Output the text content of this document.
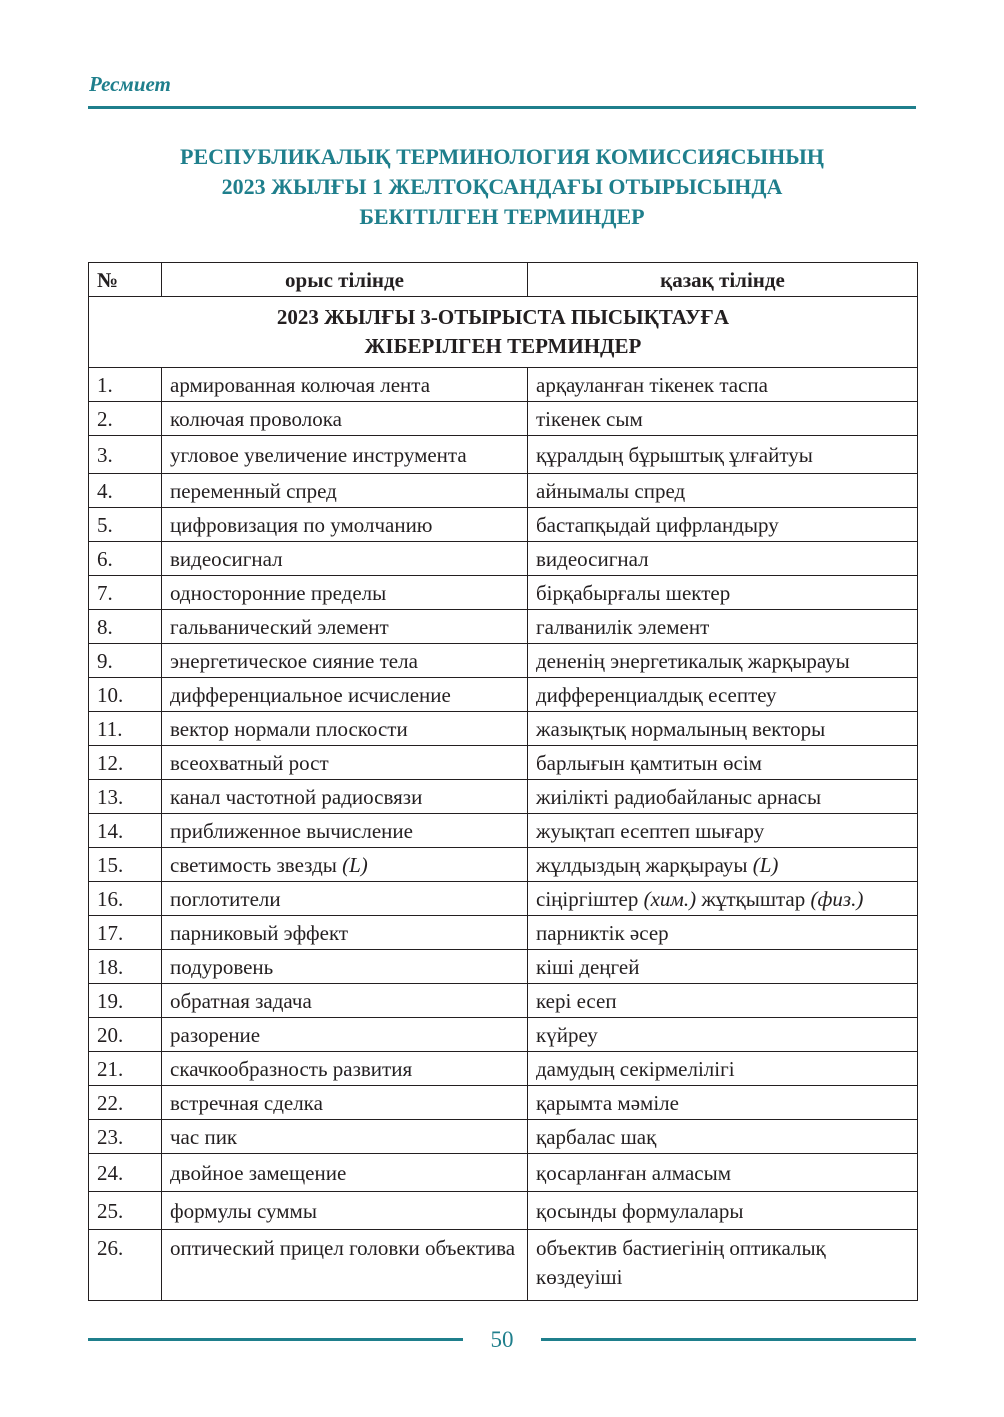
Ресмиет
РЕСПУБЛИКАЛЫҚ ТЕРМИНОЛОГИЯ КОМИССИЯСЫНЫҢ
2023 ЖЫЛҒЫ 1 ЖЕЛТОҚСАНДАҒЫ ОТЫРЫСЫНДА
БЕКІТІЛГЕН ТЕРМИНДЕР
№	орыс тілінде	қазақ тілінде

2023 ЖЫЛҒЫ 3-ОТЫРЫСТА ПЫСЫҚТАУҒА
ЖІБЕРІЛГЕН ТЕРМИНДЕР		

1.	армированная колючая лента	арқауланған тікенек таспа
2.	колючая проволока	тікенек сым
3.	угловое увеличение инструмента	құралдың бұрыштық ұлғайтуы
4.	переменный спред	айнымалы спред
5.	цифровизация по умолчанию	бастапқыдай цифрландыру
6.	видеосигнал	видеосигнал
7.	односторонние пределы	бірқабырғалы шектер
8.	гальванический элемент	галванилік элемент
9.	энергетическое сияние тела	дененің энергетикалық жарқырауы
10.	дифференциальное исчисление	дифференциалдық есептеу
11.	вектор нормали плоскости	жазықтық нормалының векторы
12.	всеохватный рост	барлығын қамтитын өсім
13.	канал частотной радиосвязи	жиілікті радиобайланыс арнасы
14.	приближенное вычисление	жуықтап есептеп шығару
15.	светимость звезды (L)	жұлдыздың жарқырауы (L)
16.	поглотители	сіңіргіштер (хим.) жұтқыштар (физ.)
17.	парниковый эффект	парниктік әсер
18.	подуровень	кіші деңгей
19.	обратная задача	кері есеп
20.	разорение	күйреу
21.	скачкообразность развития	дамудың секірмелілігі
22.	встречная сделка	қарымта мәміле
23.	час пик	қарбалас шақ
24.	двойное замещение	қосарланған алмасым
25.	формулы суммы	қосынды формулалары
26.	оптический прицел головки объектива	объектив бастиегінің оптикалық көздеуіші
50
